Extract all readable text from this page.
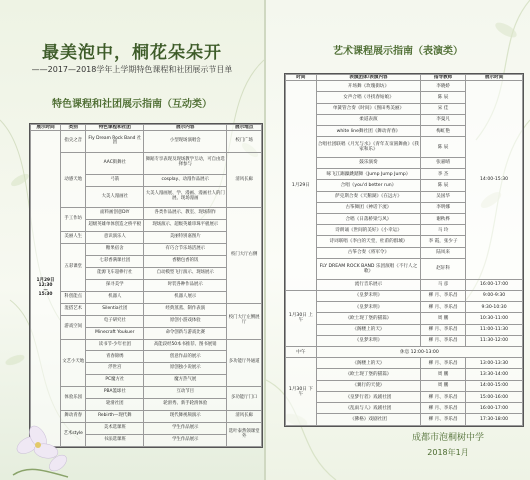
最美泡中，桐花朵朵开
——2017—2018学年上学期特色课程和社团展示节目单
特色课程和社团展示指南（互动类）
展示时间	类别	特色课程和社团	展示内容	展示地点
1月29日
12:30
—
15:30	指尖之音	Fly Dream Rock Band 社团	小型现场演唱会	校门广场
	动感天地	AAC街舞社	舞蹈专享表现及现场教学互动，可自由选择参与	清风长廊
		弓箭	cosplay、动漫作品展示	
		大美人漫画社	大美人漫画展、学、漫画、漫画社人的门展、现场漫画	
	手工作坊	面料画创意DIY	各类作品展示、教室、现场制作	校门大厅右侧
		超级英雄单体创造之桥平板	现场演示、超级英雄串珠平板展示	
	美丽人生	意识演乐人	美丽特别嘉图片	
	五彩课堂	糖果宿舍	有巧合节乐场活展示	
		七彩香满课社团	香糖包香的饭	
		能源飞车超棒行社	自动模型飞行演示、现场展示	
		探寻美学	时装各种作品展示	
	科创能点	机器人	机器人展示	
	混搭艺术	Silentia社团	经典蒸蒸、制作表演	校门大厅左侧展厅
	游戏空间	电子研究社	原创小游戏体验	
		Minecraft Youkuer	命令创新与游戏比赛	
	文艺小天地	读书节·少年社团	高能段经50本书推荐、图书展销	多功能厅外通道
		青春锦绣	创意作品的展示	
		浮世宫	原创独小说展示	
		PC魔方社	魔方热气展	
	体验乐园	PBA篮球社	互动节目	多功能厅门口
		轮滑社团	轮滑秀、新手轮滑体验	
	舞动青春	Rebirth—现代舞	现代舞视频演示	清风长廊
	艺术style	美术选课班	学生作品展示	选叶泰然领课堂外
		书法选课班	学生作品展示	
艺术课程展示指南（表演类）
时间	表演团体/表演内容	指导教师	展示时间
1月29日	开场舞《玫瑰街坊》	李晓娇	14:00-15:30
	女声合唱《寻找春姑娘》	陈 辰	
	单簧管合奏《时间》《图田秀美丽》	宋 佳	
	柔道表演	李曼凡	
	white line舞社团《舞动青春》	梅虹艳	
	合唱社团联唱《月光与水》《青年友谊圆舞曲》《我家和乐》	陈 辰	
	鼓乐演奏	张嘉晴	
	啄飞江踢躁跳踏舞《Jump Jump Jump》	李 杰	
	合唱《you'd better run》	陈 辰	
	萨克斯合奏《天鹅湖》《在远方》	吴国华	
	古筝舞团《神话下流》	李明娜	
	合唱《日落桥梁与风》	谢秋桦	
	诗朗诵《世间的美好》《小幸运》	马 玲	
	诗词联唱《李白的天堂，杜甫的群城》	李 霞，张少子	
	古筝合奏《将军令》	陆凤来	
	FLY DREAM ROCK BAND 乐团演唱《不行人之歌》	赵轩科	
	流行音乐展示	马 彦	16:00-17:00
1月30日 上午	《皇梦未明》	柳 月、李乐昌	9:00-9:30
	《皇梦未明》	柳 月、李乐昌	9:30-10:30
	《欧土现丁堡的猫篇》	周 鹏	10:30-11:00
	《阁楼上的天》	柳 月、李乐昌	11:00-11:30
	《皇梦未明》	柳 月、李乐昌	11:30-12:00
中午	休息 12:00-13:00		
1月30日 下午	《阁楼上的天》	柳 月、李乐昌	13:00-13:30
	《欧土现丁堡的猫篇》	周 鹏	13:30-14:00
	《翼行的天使》	周 鹏	14:00-15:00
	《皇梦行者》戏剧社团	柳 月、李乐昌	15:00-16:00
	《乱雨与人》戏剧社团	柳 月、李乐昌	16:00-17:00
	《佛格》戏剧社团	柳 月、李乐昌	17:30-18:00
成都市泡桐树中学
2018年1月
